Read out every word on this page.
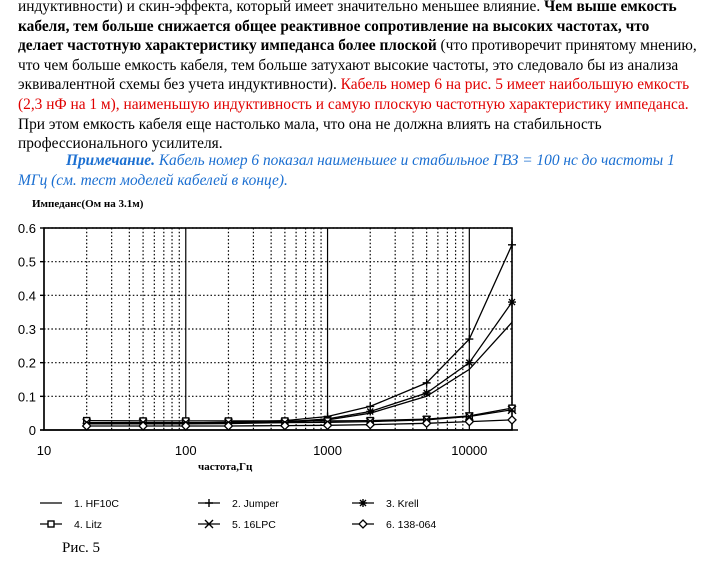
индуктивности) и скин-эффекта, который имеет значительно меньшее влияние. Чем выше емкость кабеля, тем больше снижается общее реактивное сопротивление на высоких частотах, что делает частотную характеристику импеданса более плоской (что противоречит принятому мнению, что чем больше емкость кабеля, тем больше затухают высокие частоты, это следовало бы из анализа эквивалентной схемы без учета индуктивности). Кабель номер 6 на рис. 5 имеет наибольшую емкость (2,3 нФ на 1 м), наименьшую индуктивность и самую плоскую частотную характеристику импеданса. При этом емкость кабеля еще настолько мала, что она не должна влиять на стабильность профессионального усилителя.
Примечание. Кабель номер 6 показал наименьшее и стабильное ГВЗ = 100 нс до частоты 1 МГц (см. тест моделей кабелей в конце).
0
0.1
0.2
0.3
0.4
0.5
0.6
10	100	1000	10000
Импеданс(Ом на 3.1м)
частота,Гц
1. HF10C	2. Jumper	3. Krell
4. Litz	5. 16LPC	6. 138-064
Рис. 5
